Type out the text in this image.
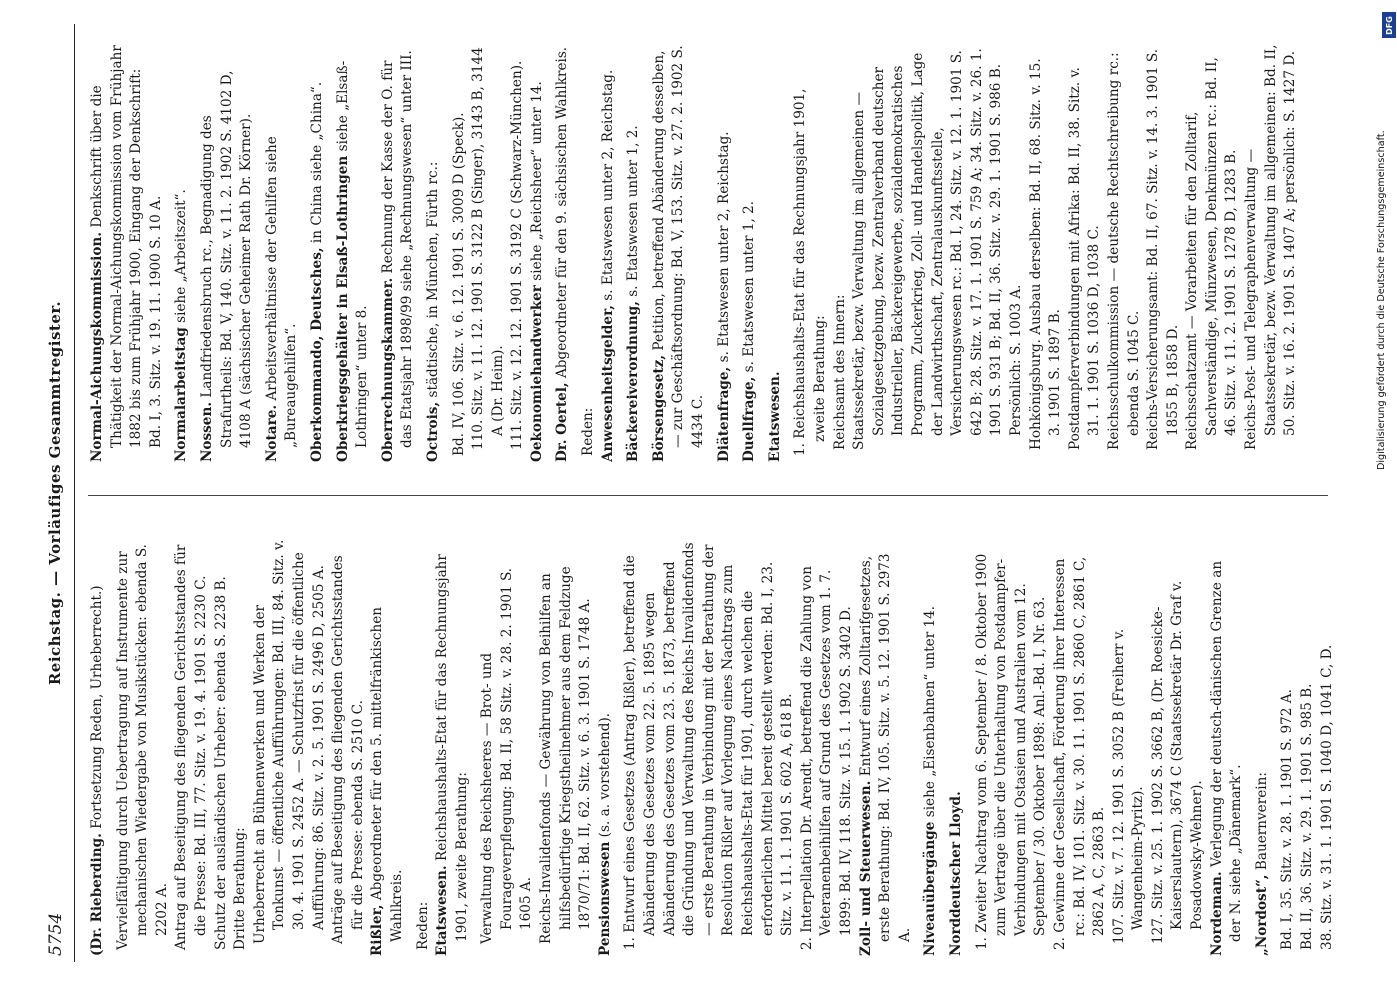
5754
Reichstag. — Vorläufiges Gesammtregister.
(Dr. Rieberding. Fortsetzung Reden, Urheberrecht.) Vervielfältigung durch Uebertragung auf Instrumente zur mechanischen Wiedergabe von Musikstücken: ebenda S. 2202 A. Antrag auf Beseitigung des fliegenden Gerichtsstandes für die Presse: Bd. III, 77. Sitz. v. 19. 4. 1901 S. 2230 C. Schutz der ausländischen Urheber: ebenda S. 2238 B. Dritte Berathung: Urheberrecht an Bühnenwerken und Werken der Tonkunst — öffentliche Aufführungen: Bd. III, 84. Sitz. v. 30. 4. 1901 S. 2452 A. — Schutzfrist für die öffentliche Aufführung: 86. Sitz. v. 2. 5. 1901 S. 2496 D, 2505 A. Anträge auf Beseitigung des fliegenden Gerichtsstandes für die Presse: ebenda S. 2510 C.
Rißler, Abgeordneter für den 5. mittelfränkischen Wahlkreis. Reden: Etatswesen. Reichshaushalts-Etat für das Rechnungsjahr 1901, zweite Berathung: Verwaltung des Reichsheeres — Brot- und Fourageverpflegung: Bd. II, 58 Sitz. v. 28. 2. 1901 S. 1605 A. Reichs-Invalidenfonds — Gewährung von Beihilfen an hilfsbedürftige Kriegstheilnehmer aus dem Feldzuge 1870/71: Bd. II, 62. Sitz. v. 6. 3. 1901 S. 1748 A. Pensionswesen (s. a. vorstehend). 1. Entwurf eines Gesetzes (Antrag Rißler), betreffend die Abänderung des Gesetzes vom 22. 5. 1895 wegen Abänderung des Gesetzes vom 23. 5. 1873, betreffend die Gründung und Verwaltung des Reichs-Invalidenfonds — erste Berathung in Verbindung mit der Berathung der Resolution Rißler auf Vorlegung eines Nachtrags zum Reichshaushalts-Etat für 1901, durch welchen die erforderlichen Mittel bereit gestellt werden: Bd. I, 23. Sitz. v. 11. 1. 1901 S. 602 A, 618 B. 2. Interpellation Dr. Arendt, betreffend die Zahlung von Veteranenbeihilfen auf Grund des Gesetzes vom 1. 7. 1899: Bd. IV, 118. Sitz. v. 15. 1. 1902 S. 3402 D. Zoll- und Steuerwesen. Entwurf eines Zolltarifgesetzes, erste Berathung: Bd. IV, 105. Sitz. v. 5. 12. 1901 S. 2973 A. Niveauübergänge siehe „Eisenbahnen“ unter 14.
Norddeutscher Lloyd. 1. Zweiter Nachtrag vom 6. September / 8. Oktober 1900 zum Vertrage über die Unterhaltung von Postdampfer-Verbindungen mit Ostasien und Australien vom 12. September / 30. Oktober 1898: Anl.-Bd. I, Nr. 63. 2. Gewinne der Gesellschaft, Förderung ihrer Interessen rc.: Bd. IV, 101. Sitz. v. 30. 11. 1901 S. 2860 C, 2861 C, 2862 A, C, 2863 B. 107. Sitz. v. 7. 12. 1901 S. 3052 B (Freiherr v. Wangenheim-Pyritz). 127. Sitz. v. 25. 1. 1902 S. 3662 B, (Dr. Roesicke-Kaiserslautern), 3674 C (Staatssekretär Dr. Graf v. Posadowsky-Wehner). Nordeman. Verlegung der deutsch-dänischen Grenze an der N. siehe „Dänemark“. „Nordost“, Bauernverein: Bd. I, 35. Sitz. v. 28. 1. 1901 S. 972 A. Bd. II, 36. Sitz. v. 29. 1. 1901 S. 985 B. 38. Sitz. v. 31. 1. 1901 S. 1040 D, 1041 C, D.
Normal-Aichungskommission. Denkschrift über die Thätigkeit der Normal-Aichungskommission vom Frühjahr 1882 bis zum Frühjahr 1900, Eingang der Denkschrift: Bd. I, 3. Sitz. v. 19. 11. 1900 S. 10 A. Normalarbeitstag siehe „Arbeitszeit“.
Nossen. Landfriedensbruch rc., Begnadigung des Strafurtheils: Bd. V, 140. Sitz. v. 11. 2. 1902 S. 4102 D, 4108 A (sächsischer Geheimer Rath Dr. Körner). Notare. Arbeitsverhältnisse der Gehilfen siehe „Bureaugehilfen“. Oberkommando, Deutsches, in China siehe „China“. Oberkriegsgehälter in Elsaß-Lothringen siehe „Elsaß-Lothringen“ unter 8. Oberrechnungskammer. Rechnung der Kasse der O. für das Etatsjahr 1898/99 siehe „Rechnungswesen“ unter III. Octrois, städtische, in München, Fürth rc.: Bd. IV, 106. Sitz. v. 6. 12. 1901 S. 3009 D (Speck). 110. Sitz. v. 11. 12. 1901 S. 3122 B (Singer), 3143 B, 3144 A (Dr. Heim). 111. Sitz. v. 12. 12. 1901 S. 3192 C (Schwarz-München). Oekonomiehandwerker siehe „Reichsheer“ unter 14.
Dr. Oertel, Abgeordneter für den 9. sächsischen Wahlkreis.
Reden: Anwesenheitsgelder, s. Etatswesen unter 2, Reichstag.
Bäckereiverordnung, s. Etatswesen unter 1, 2.
Börsengesetz, Petition, betreffend Abänderung desselben, — zur Geschäftsordnung: Bd. V, 153. Sitz. v. 27. 2. 1902 S. 4434 C. Diätenfrage, s. Etatswesen unter 2, Reichstag.
Duellfrage, s. Etatswesen unter 1, 2.
Etatswesen. 1. Reichshaushalts-Etat für das Rechnungsjahr 1901, zweite Berathung: Reichsamt des Innern: Staatssekretär, bezw. Verwaltung im allgemeinen — Sozialgesetzgebung, bezw. Zentralverband deutscher Industrieller, Bäckereigewerbe, sozialdemokratisches Programm, Zuckerkrieg, Zoll- und Handelspolitik, Lage der Landwirthschaft, Zentralauskunftsstelle, Versicherungswesen rc.: Bd. I, 24. Sitz. v. 12. 1. 1901 S. 642 B; 28. Sitz. v. 17. 1. 1901 S. 759 A; 34. Sitz. v. 26. 1. 1901 S. 931 B; Bd. II, 36. Sitz. v. 29. 1. 1901 S. 986 B. Persönlich: S. 1003 A. Hohkönigsburg. Ausbau derselben: Bd. II, 68. Sitz. v. 15. 3. 1901 S. 1897 B. Postdampferverbindungen mit Afrika: Bd. II, 38. Sitz. v. 31. 1. 1901 S. 1036 D, 1038 C. Reichsschulkommission — deutsche Rechtschreibung rc.: ebenda S. 1045 C. Reichs-Versicherungsamt: Bd. II, 67. Sitz. v. 14. 3. 1901 S. 1855 B, 1858 D. Reichsschatzamt — Vorarbeiten für den Zolltarif, Sachverständige, Münzwesen, Denkmünzen rc.: Bd. II, 46. Sitz. v. 11. 2. 1901 S. 1278 D, 1283 B. Reichs-Post- und Telegraphenverwaltung — Staatssekretär, bezw. Verwaltung im allgemeinen: Bd. II, 50. Sitz. v. 16. 2. 1901 S. 1407 A; persönlich: S. 1427 D.	Digitalisierung gefördert durch die Deutsche Forschungsgemeinschaft.
DFG
